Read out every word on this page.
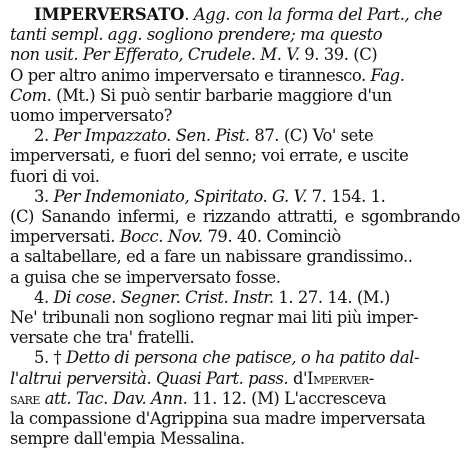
IMPERVERSATO. Agg. con la forma del Part., che
tanti sempl. agg. sogliono prendere; ma questo
non usit. Per Efferato, Crudele. M. V. 9. 39. (C)
O per altro animo imperversato e tirannesco. Fag.
Com. (Mt.) Si può sentir barbarie maggiore d'un
uomo imperversato?
2. Per Impazzato. Sen. Pist. 87. (C) Vo' sete
imperversati, e fuori del senno; voi errate, e uscite
fuori di voi.
3. Per Indemoniato, Spiritato. G. V. 7. 154. 1.
(C) Sanando infermi, e rizzando attratti, e sgombrando imperversati. Bocc. Nov. 79. 40. Cominciò
a saltabellare, ed a fare un nabissare grandissimo..
a guisa che se imperversato fosse.
4. Di cose. Segner. Crist. Instr. 1. 27. 14. (M.)
Ne' tribunali non sogliono regnar mai liti più imper-
versate che tra' fratelli.
5. † Detto di persona che patisce, o ha patito dal-
l'altrui perversità. Quasi Part. pass. d'Imperver-
sare att. Tac. Dav. Ann. 11. 12. (M) L'accresceva
la compassione d'Agrippina sua madre imperversata
sempre dall'empia Messalina.
